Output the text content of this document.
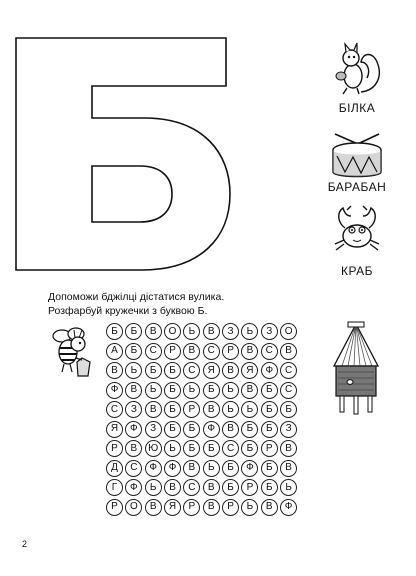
БІЛКА
БАРАБАН
КРАБ
Допоможи бджілці дістатися вулика.
Розфарбуй кружечки з буквою Б.
Б	Б	В	О	Ь	В	З	Ь	З	О
А	Б	С	Р	В	С	Р	В	С	В
В	Ь	Б	Б	С	Я	В	Я	Ф	С
Ф	В	Ь	Б	Ь	Б	Ь	В	Б	С
С	З	В	Б	Р	В	Ь	Ь	Б	Б
Я	Ф	З	Б	Б	Ф	В	Б	Б	З
Р	В	Ю	Ь	Б	Б	С	Б	Р	В
Д	С	Ф	Ф	В	Ь	Б	Ф	Б	В
Г	Ф	Ь	В	С	В	Б	Р	Б	Ь
Р	О	В	Я	Р	В	Р	Ь	В	Ф
2
